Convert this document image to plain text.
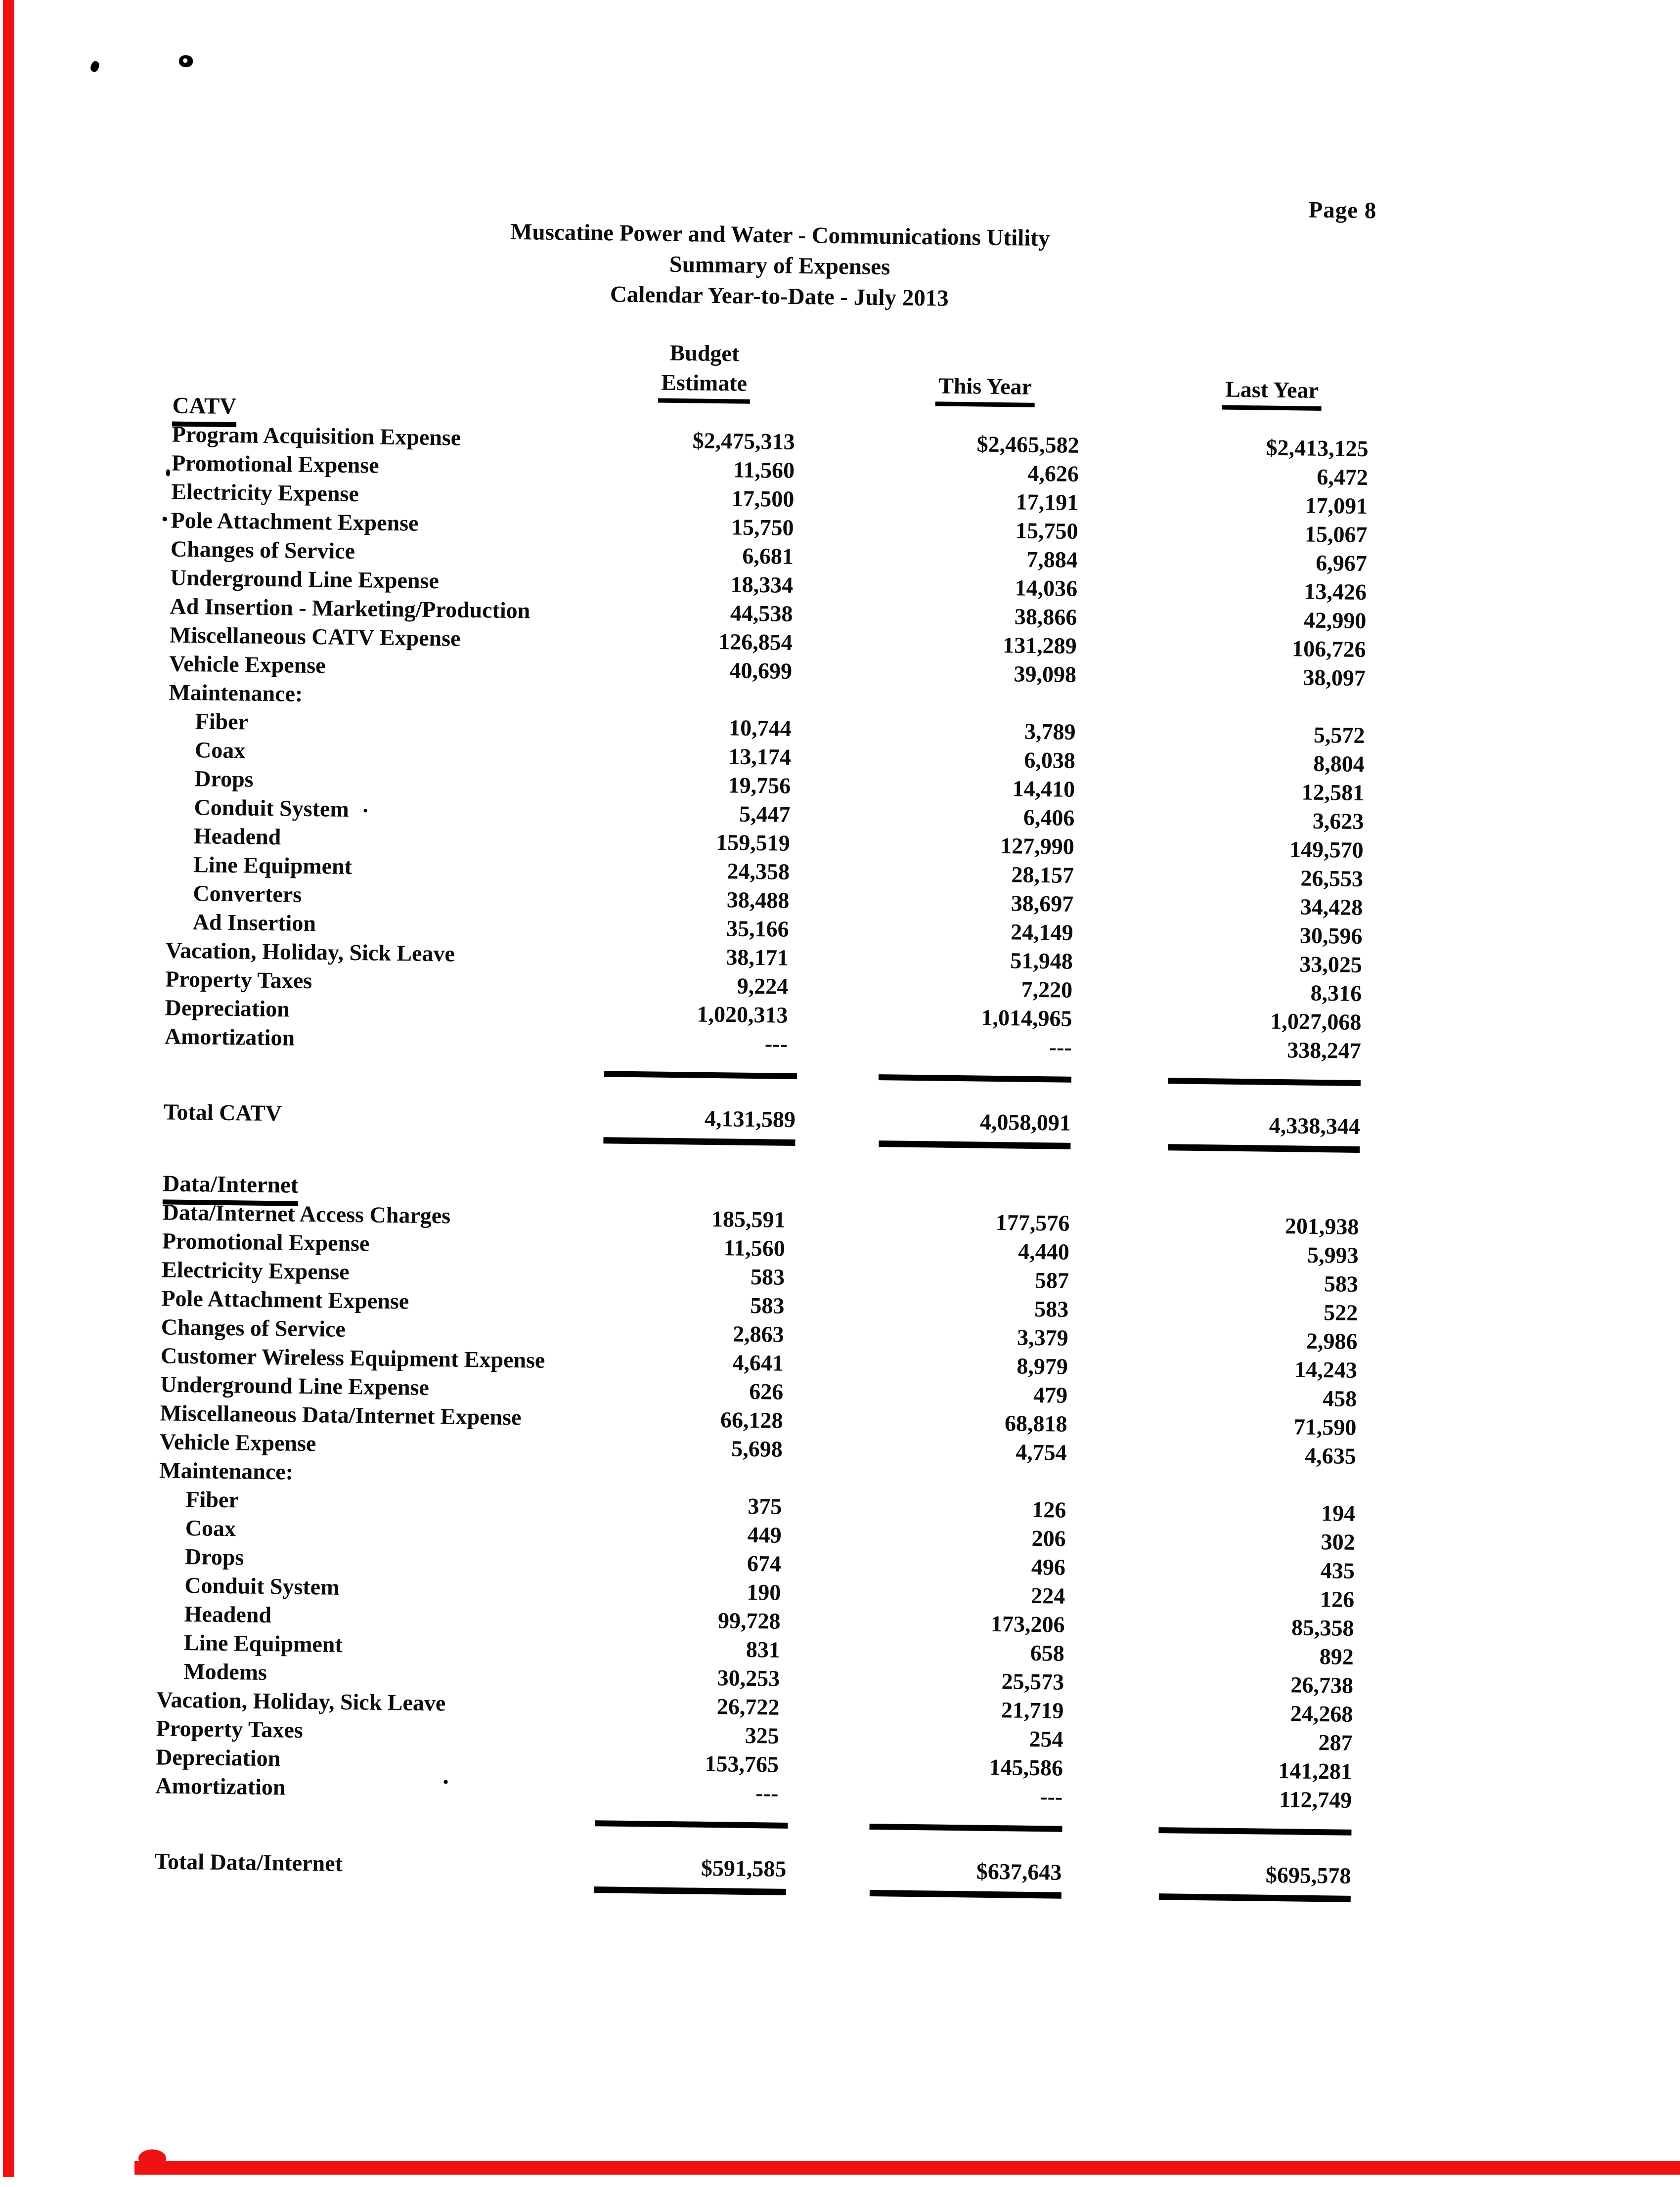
Page 8
Muscatine Power and Water - Communications Utility
Summary of Expenses
Calendar Year-to-Date - July 2013
Budget
Estimate	This Year	Last Year
CATV
Program Acquisition Expense	$2,475,313	$2,465,582	$2,413,125
Promotional Expense	11,560	4,626	6,472
Electricity Expense	17,500	17,191	17,091
Pole Attachment Expense	15,750	15,750	15,067
Changes of Service	6,681	7,884	6,967
Underground Line Expense	18,334	14,036	13,426
Ad Insertion - Marketing/Production	44,538	38,866	42,990
Miscellaneous CATV Expense	126,854	131,289	106,726
Vehicle Expense	40,699	39,098	38,097
Maintenance:
Fiber	10,744	3,789	5,572
Coax	13,174	6,038	8,804
Drops	19,756	14,410	12,581
Conduit System	5,447	6,406	3,623
Headend	159,519	127,990	149,570
Line Equipment	24,358	28,157	26,553
Converters	38,488	38,697	34,428
Ad Insertion	35,166	24,149	30,596
Vacation, Holiday, Sick Leave	38,171	51,948	33,025
Property Taxes	9,224	7,220	8,316
Depreciation	1,020,313	1,014,965	1,027,068
Amortization	---	---	338,247
Total CATV	4,131,589	4,058,091	4,338,344
Data/Internet
Data/Internet Access Charges	185,591	177,576	201,938
Promotional Expense	11,560	4,440	5,993
Electricity Expense	583	587	583
Pole Attachment Expense	583	583	522
Changes of Service	2,863	3,379	2,986
Customer Wireless Equipment Expense	4,641	8,979	14,243
Underground Line Expense	626	479	458
Miscellaneous Data/Internet Expense	66,128	68,818	71,590
Vehicle Expense	5,698	4,754	4,635
Maintenance:
Fiber	375	126	194
Coax	449	206	302
Drops	674	496	435
Conduit System	190	224	126
Headend	99,728	173,206	85,358
Line Equipment	831	658	892
Modems	30,253	25,573	26,738
Vacation, Holiday, Sick Leave	26,722	21,719	24,268
Property Taxes	325	254	287
Depreciation	153,765	145,586	141,281
Amortization	---	---	112,749
Total Data/Internet	$591,585	$637,643	$695,578
